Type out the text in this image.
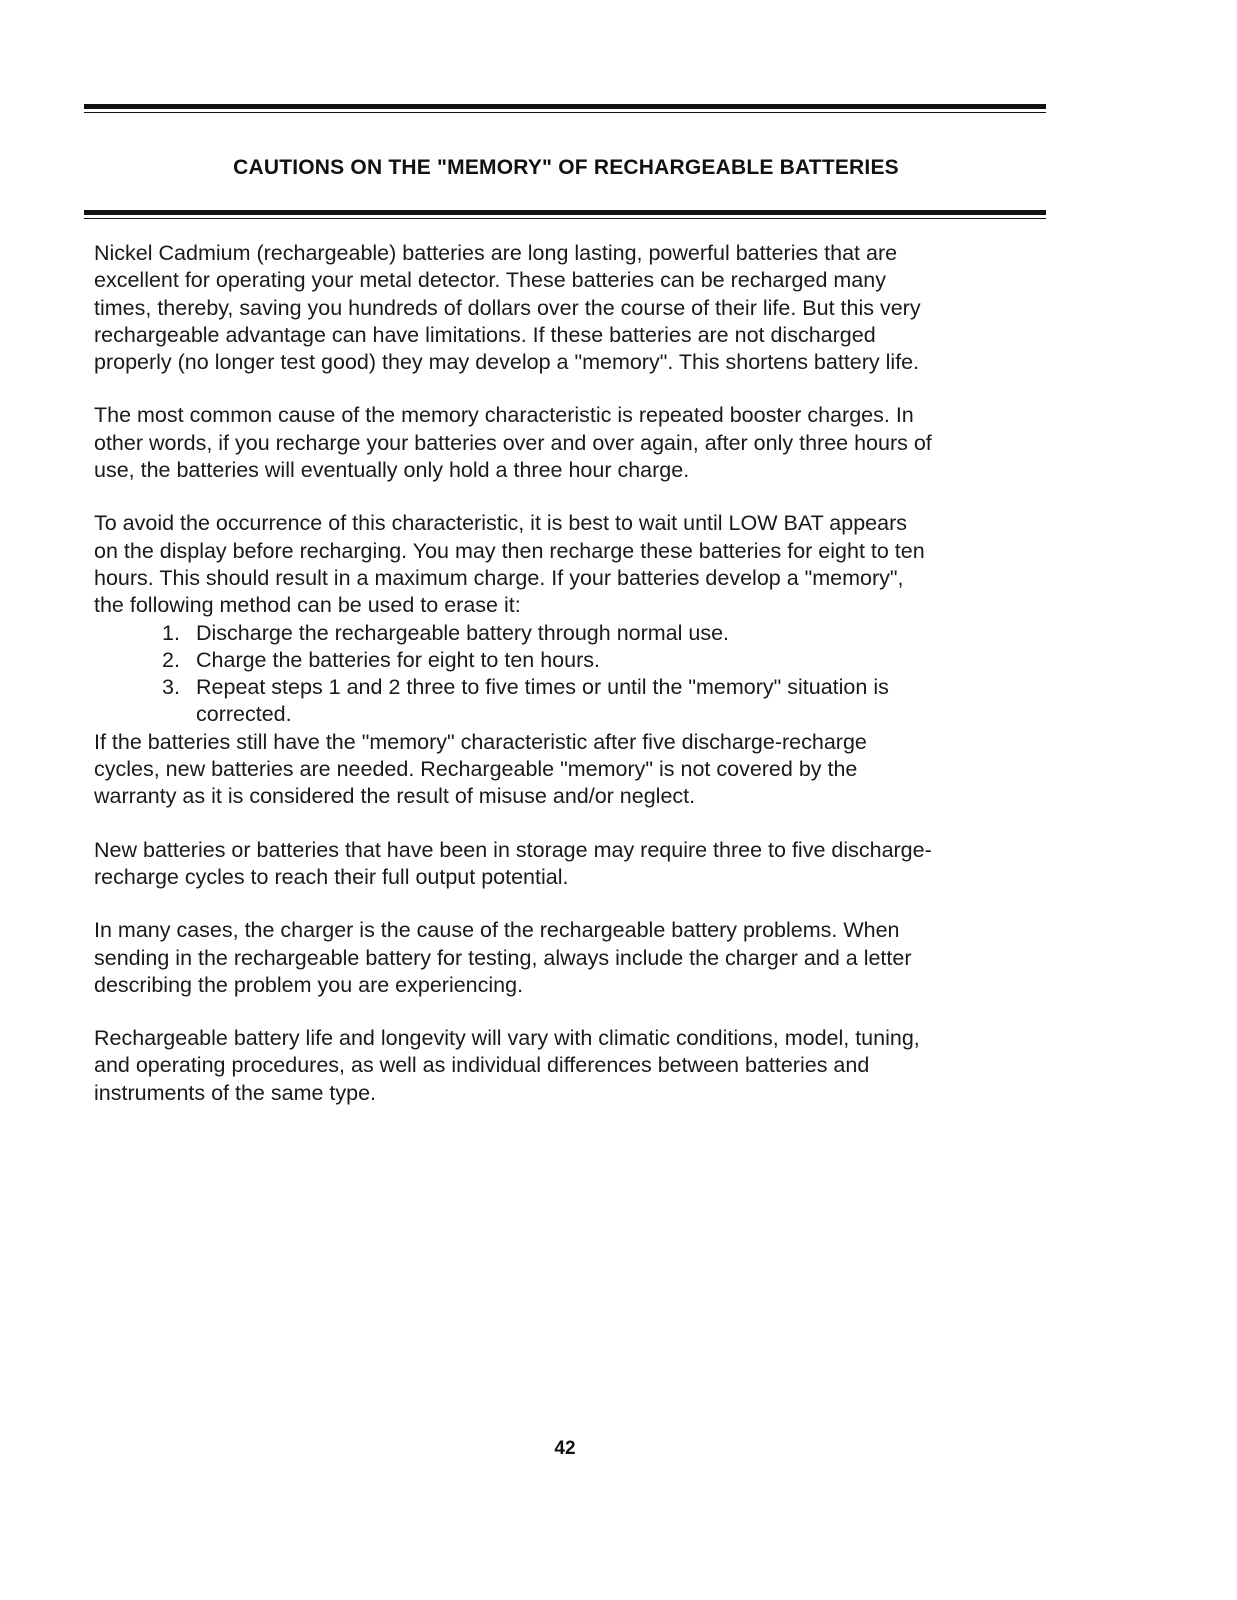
CAUTIONS ON THE "MEMORY" OF RECHARGEABLE BATTERIES

Nickel Cadmium (rechargeable) batteries are long lasting, powerful batteries that are excellent for operating your metal detector. These batteries can be recharged many times, thereby, saving you hundreds of dollars over the course of their life. But this very rechargeable advantage can have limitations. If these batteries are not discharged properly (no longer test good) they may develop a "memory". This shortens battery life.

The most common cause of the memory characteristic is repeated booster charges. In other words, if you recharge your batteries over and over again, after only three hours of use, the batteries will eventually only hold a three hour charge.

To avoid the occurrence of this characteristic, it is best to wait until LOW BAT appears on the display before recharging. You may then recharge these batteries for eight to ten hours. This should result in a maximum charge. If your batteries develop a "memory", the following method can be used to erase it:

1. Discharge the rechargeable battery through normal use.
2. Charge the batteries for eight to ten hours.
3. Repeat steps 1 and 2 three to five times or until the "memory" situation is corrected.

If the batteries still have the "memory" characteristic after five discharge-recharge cycles, new batteries are needed. Rechargeable "memory" is not covered by the warranty as it is considered the result of misuse and/or neglect.

New batteries or batteries that have been in storage may require three to five discharge-recharge cycles to reach their full output potential.

In many cases, the charger is the cause of the rechargeable battery problems. When sending in the rechargeable battery for testing, always include the charger and a letter describing the problem you are experiencing.

Rechargeable battery life and longevity will vary with climatic conditions, model, tuning, and operating procedures, as well as individual differences between batteries and instruments of the same type.

42
